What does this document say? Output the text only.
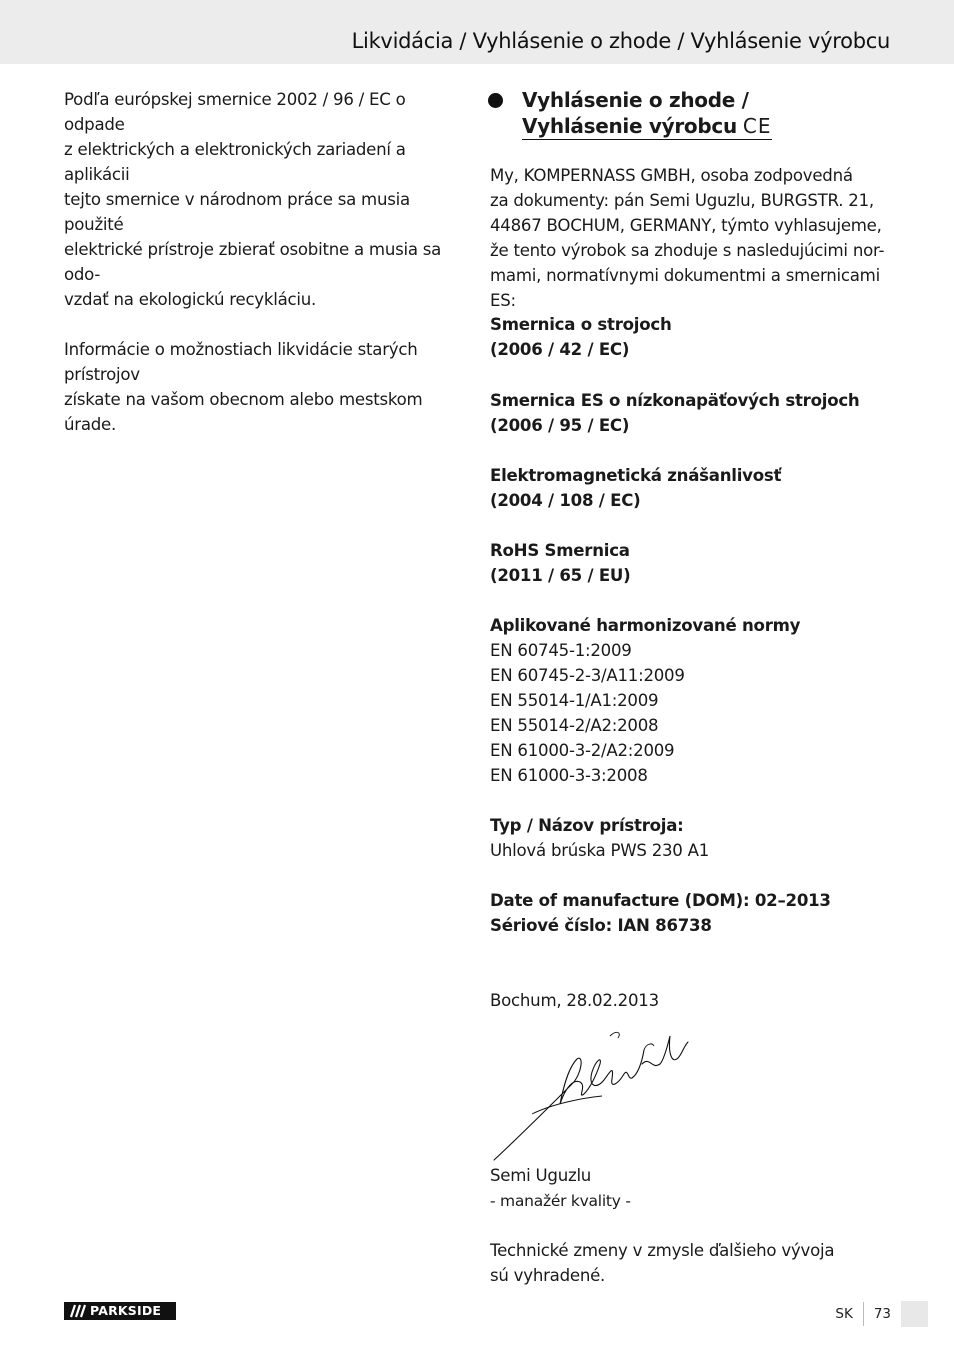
Likvidácia / Vyhlásenie o zhode / Vyhlásenie výrobcu

Podľa európskej smernice 2002 / 96 / EC o odpade
z elektrických a elektronických zariadení a aplikácii
tejto smernice v národnom práce sa musia použité
elektrické prístroje zbierať osobitne a musia sa odo-
vzdať na ekologickú recykláciu.

Informácie o možnostiach likvidácie starých prístrojov
získate na vašom obecnom alebo mestskom úrade.

Vyhlásenie o zhode /
Vyhlásenie výrobcu CE
My, KOMPERNASS GMBH, osoba zodpovedná
za dokumenty: pán Semi Uguzlu, BURGSTR. 21,
44867 BOCHUM, GERMANY, týmto vyhlasujeme,
že tento výrobok sa zhoduje s nasledujúcimi nor-
mami, normatívnymi dokumentmi a smernicami ES:
Smernica o strojoch
(2006 / 42 / EC)
Smernica ES o nízkonapäťových strojoch
(2006 / 95 / EC)
Elektromagnetická znášanlivosť
(2004 / 108 / EC)
RoHS Smernica
(2011 / 65 / EU)
Aplikované harmonizované normy
EN 60745-1:2009
EN 60745-2-3/A11:2009
EN 55014-1/A1:2009
EN 55014-2/A2:2008
EN 61000-3-2/A2:2009
EN 61000-3-3:2008
Typ / Názov prístroja:
Uhlová brúska PWS 230 A1
Date of manufacture (DOM): 02–2013
Sériové číslo: IAN 86738
Bochum, 28.02.2013
Semi Uguzlu
- manažér kvality -
Technické zmeny v zmysle ďalšieho vývoja
sú vyhradené.
PARKSIDE	SK	73
